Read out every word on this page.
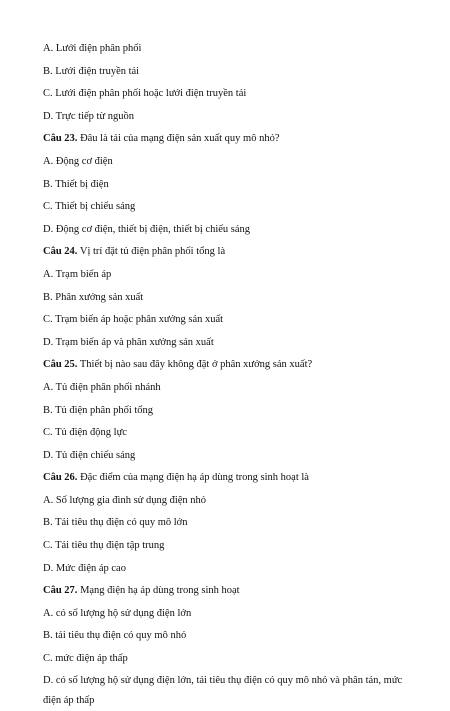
A. Lưới điện phân phối
B. Lưới điện truyền tải
C. Lưới điện phân phối hoặc lưới điện truyền tải
D. Trực tiếp từ nguồn
Câu 23. Đâu là tải của mạng điện sản xuất quy mô nhỏ?
A. Động cơ điện
B. Thiết bị điện
C. Thiết bị chiếu sáng
D. Động cơ điện, thiết bị điện, thiết bị chiếu sáng
Câu 24. Vị trí đặt tủ điện phân phối tổng là
A. Trạm biến áp
B. Phân xưởng sản xuất
C. Trạm biến áp hoặc phân xưởng sản xuất
D. Trạm biến áp và phân xưởng sản xuất
Câu 25. Thiết bị nào sau đây không đặt ở phân xưởng sản xuất?
A. Tủ điện phân phối nhánh
B. Tủ điện phân phối tổng
C. Tủ điện động lực
D. Tủ điện chiếu sáng
Câu 26. Đặc điểm của mạng điện hạ áp dùng trong sinh hoạt là
A. Số lượng gia đình sử dụng điện nhỏ
B. Tải tiêu thụ điện có quy mô lớn
C. Tải tiêu thụ điện tập trung
D. Mức điện áp cao
Câu 27. Mạng điện hạ áp dùng trong sinh hoạt
A. có số lượng hộ sử dụng điện lớn
B. tải tiêu thụ điện có quy mô nhỏ
C. mức điện áp thấp
D. có số lượng hộ sử dụng điện lớn, tải tiêu thụ điện có quy mô nhỏ và phân tán, mức điện áp thấp
